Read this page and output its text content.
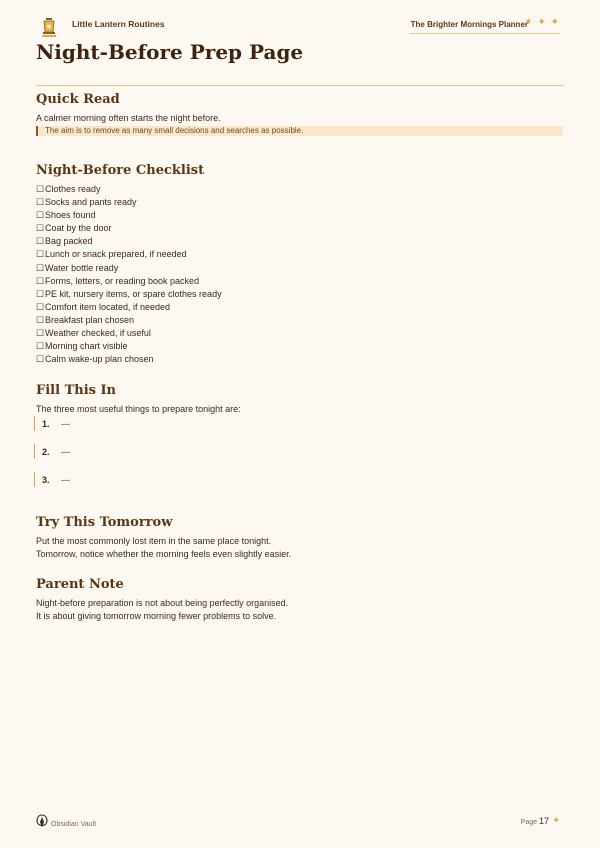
Little Lantern Routines	The Brighter Mornings Planner
✶ ✦ ✦
Night-Before Prep Page
Quick Read

A calmer morning often starts the night before.

The aim is to remove as many small decisions and searches as possible.
Night-Before Checklist
☐Clothes ready
☐Socks and pants ready
☐Shoes found
☐Coat by the door
☐Bag packed
☐Lunch or snack prepared, if needed
☐Water bottle ready
☐Forms, letters, or reading book packed
☐PE kit, nursery items, or spare clothes ready
☐Comfort item located, if needed
☐Breakfast plan chosen
☐Weather checked, if useful
☐Morning chart visible
☐Calm wake-up plan chosen
Fill This In

The three most useful things to prepare tonight are:

1. ---
2. ---
3. ---
Try This Tomorrow

Put the most commonly lost item in the same place tonight.

Tomorrow, notice whether the morning feels even slightly easier.

Parent Note

Night-before preparation is not about being perfectly organised.

It is about giving tomorrow morning fewer problems to solve.

Obsidian Vault	Page 17 ✦
